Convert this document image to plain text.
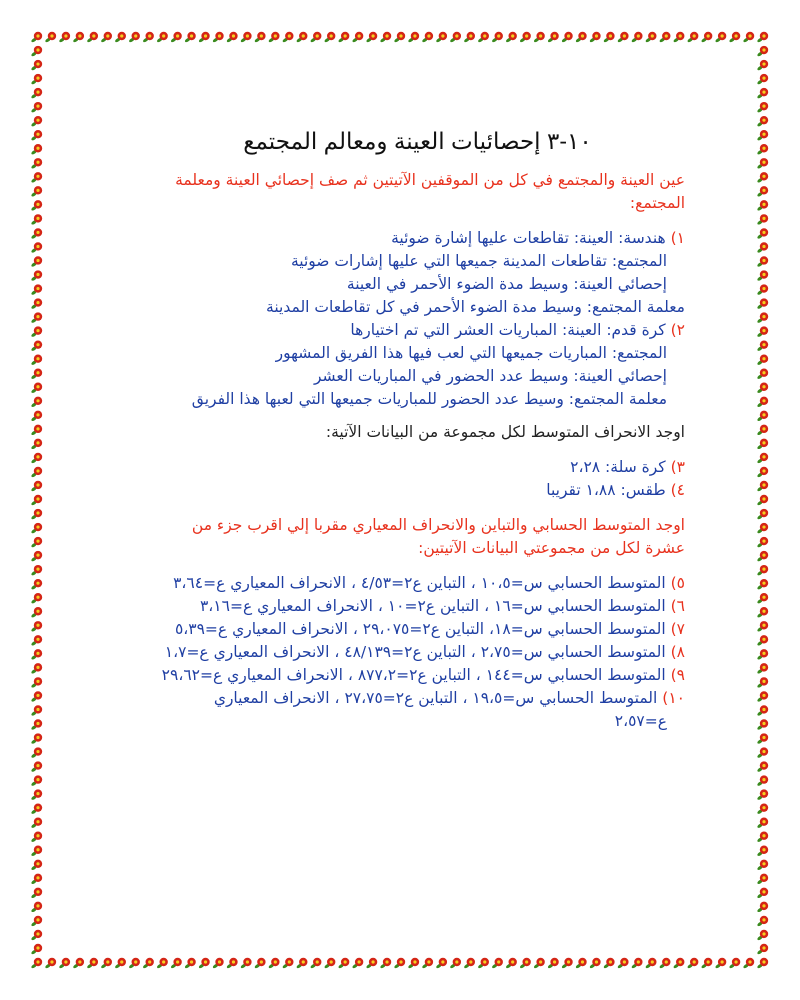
١٠-٣ إحصائيات العينة ومعالم المجتمع

عين العينة والمجتمع في كل من الموقفين الآتيتين ثم صف إحصائي العينة ومعلمة المجتمع:

١) هندسة: العينة: تقاطعات عليها إشارة ضوئية

المجتمع: تقاطعات المدينة جميعها التي عليها إشارات ضوئية

إحصائي العينة: وسيط مدة الضوء الأحمر في العينة

معلمة المجتمع: وسيط مدة الضوء الأحمر في كل تقاطعات المدينة

٢) كرة قدم: العينة: المباريات العشر التي تم اختيارها

المجتمع: المباريات جميعها التي لعب فيها هذا الفريق المشهور

إحصائي العينة: وسيط عدد الحضور في المباريات العشر

معلمة المجتمع: وسيط عدد الحضور للمباريات جميعها التي لعبها هذا الفريق

اوجد الانحراف المتوسط لكل مجموعة من البيانات الآتية:

٣) كرة سلة: ٢،٢٨

٤) طقس: ١،٨٨ تقريبا

اوجد المتوسط الحسابي والتباين والانحراف المعياري مقربا إلي اقرب جزء من عشرة لكل من مجموعتي البيانات الآتيتين:

٥) المتوسط الحسابي س=١٠،٥ ، التباين ع٢=٤/٥٣ ، الانحراف المعياري ع=٣،٦٤

٦) المتوسط الحسابي س=١٦ ، التباين ع٢=١٠ ، الانحراف المعياري ع=٣،١٦

٧) المتوسط الحسابي س=١٨، التباين ع٢=٢٩،٠٧٥ ، الانحراف المعياري ع=٥،٣٩

٨) المتوسط الحسابي س=٢،٧٥ ، التباين ع٢=٤٨/١٣٩ ، الانحراف المعياري ع=١،٧

٩) المتوسط الحسابي س=١٤٤ ، التباين ع٢=٨٧٧،٢ ، الانحراف المعياري ع=٢٩،٦٢

١٠) المتوسط الحسابي س=١٩،٥ ، التباين ع٢=٢٧،٧٥ ، الانحراف المعياري

ع=٢،٥٧
